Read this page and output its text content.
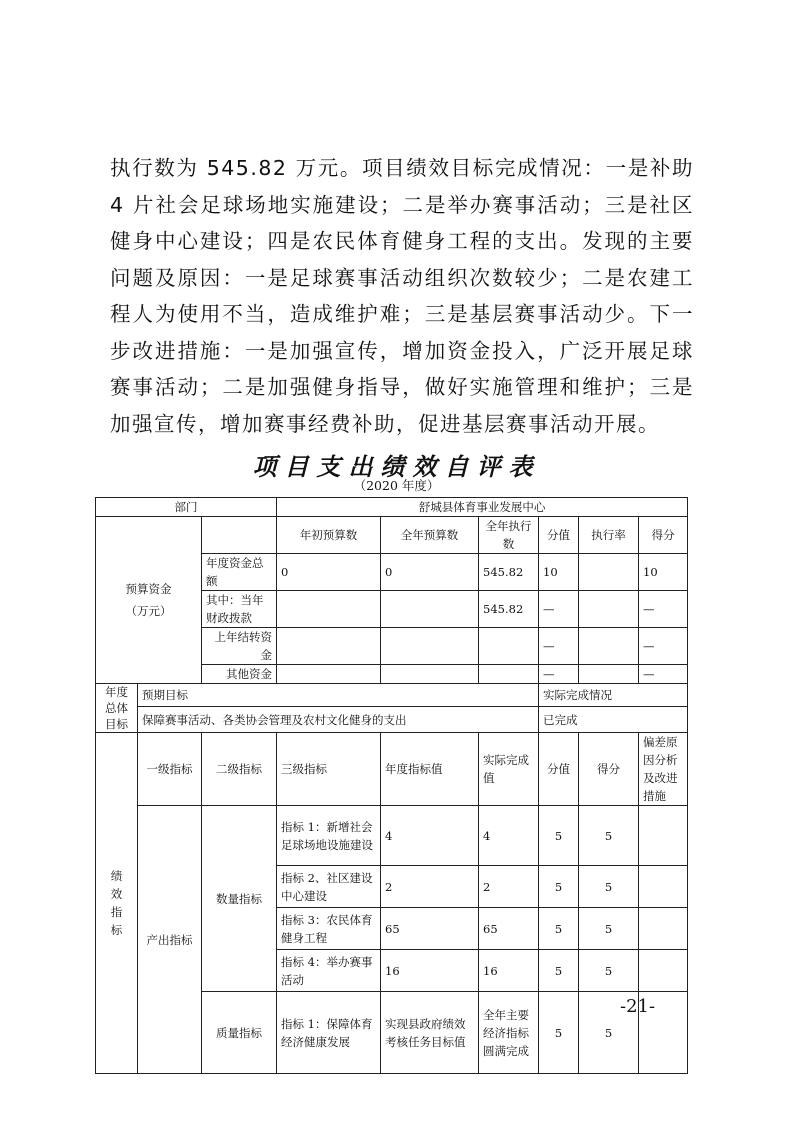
执行数为 545.82 万元。项目绩效目标完成情况：一是补助 4 片社会足球场地实施建设；二是举办赛事活动；三是社区健身中心建设；四是农民体育健身工程的支出。发现的主要问题及原因：一是足球赛事活动组织次数较少；二是农建工程人为使用不当，造成维护难；三是基层赛事活动少。下一步改进措施：一是加强宣传，增加资金投入，广泛开展足球赛事活动；二是加强健身指导，做好实施管理和维护；三是加强宣传，增加赛事经费补助，促进基层赛事活动开展。

项目支出绩效自评表
（2020 年度）
部门			舒城县体育事业发展中心					
预算资金（万元）			年初预算数	全年预算数	全年执行数	分值	执行率	得分
		年度资金总额	0	0	545.82	10		10
		其中：当年财政拨款			545.82	—		—
		上年结转资金				—		—
		其他资金				—		—
年度总体目标	预期目标					实际完成情况		
	保障赛事活动、各类协会管理及农村文化健身的支出					已完成		
绩效指标	一级指标	二级指标	三级指标	年度指标值	实际完成值	分值	得分	偏差原因分析及改进措施
	产出指标	数量指标	指标 1：新增社会足球场地设施建设	4	4	5	5	
			指标 2、社区建设中心建设	2	2	5	5	
			指标 3：农民体育健身工程	65	65	5	5	
			指标 4：举办赛事活动	16	16	5	5	
		质量指标	指标 1：保障体育经济健康发展	实现县政府绩效考核任务目标值	全年主要经济指标圆满完成	5	5	
-21-
